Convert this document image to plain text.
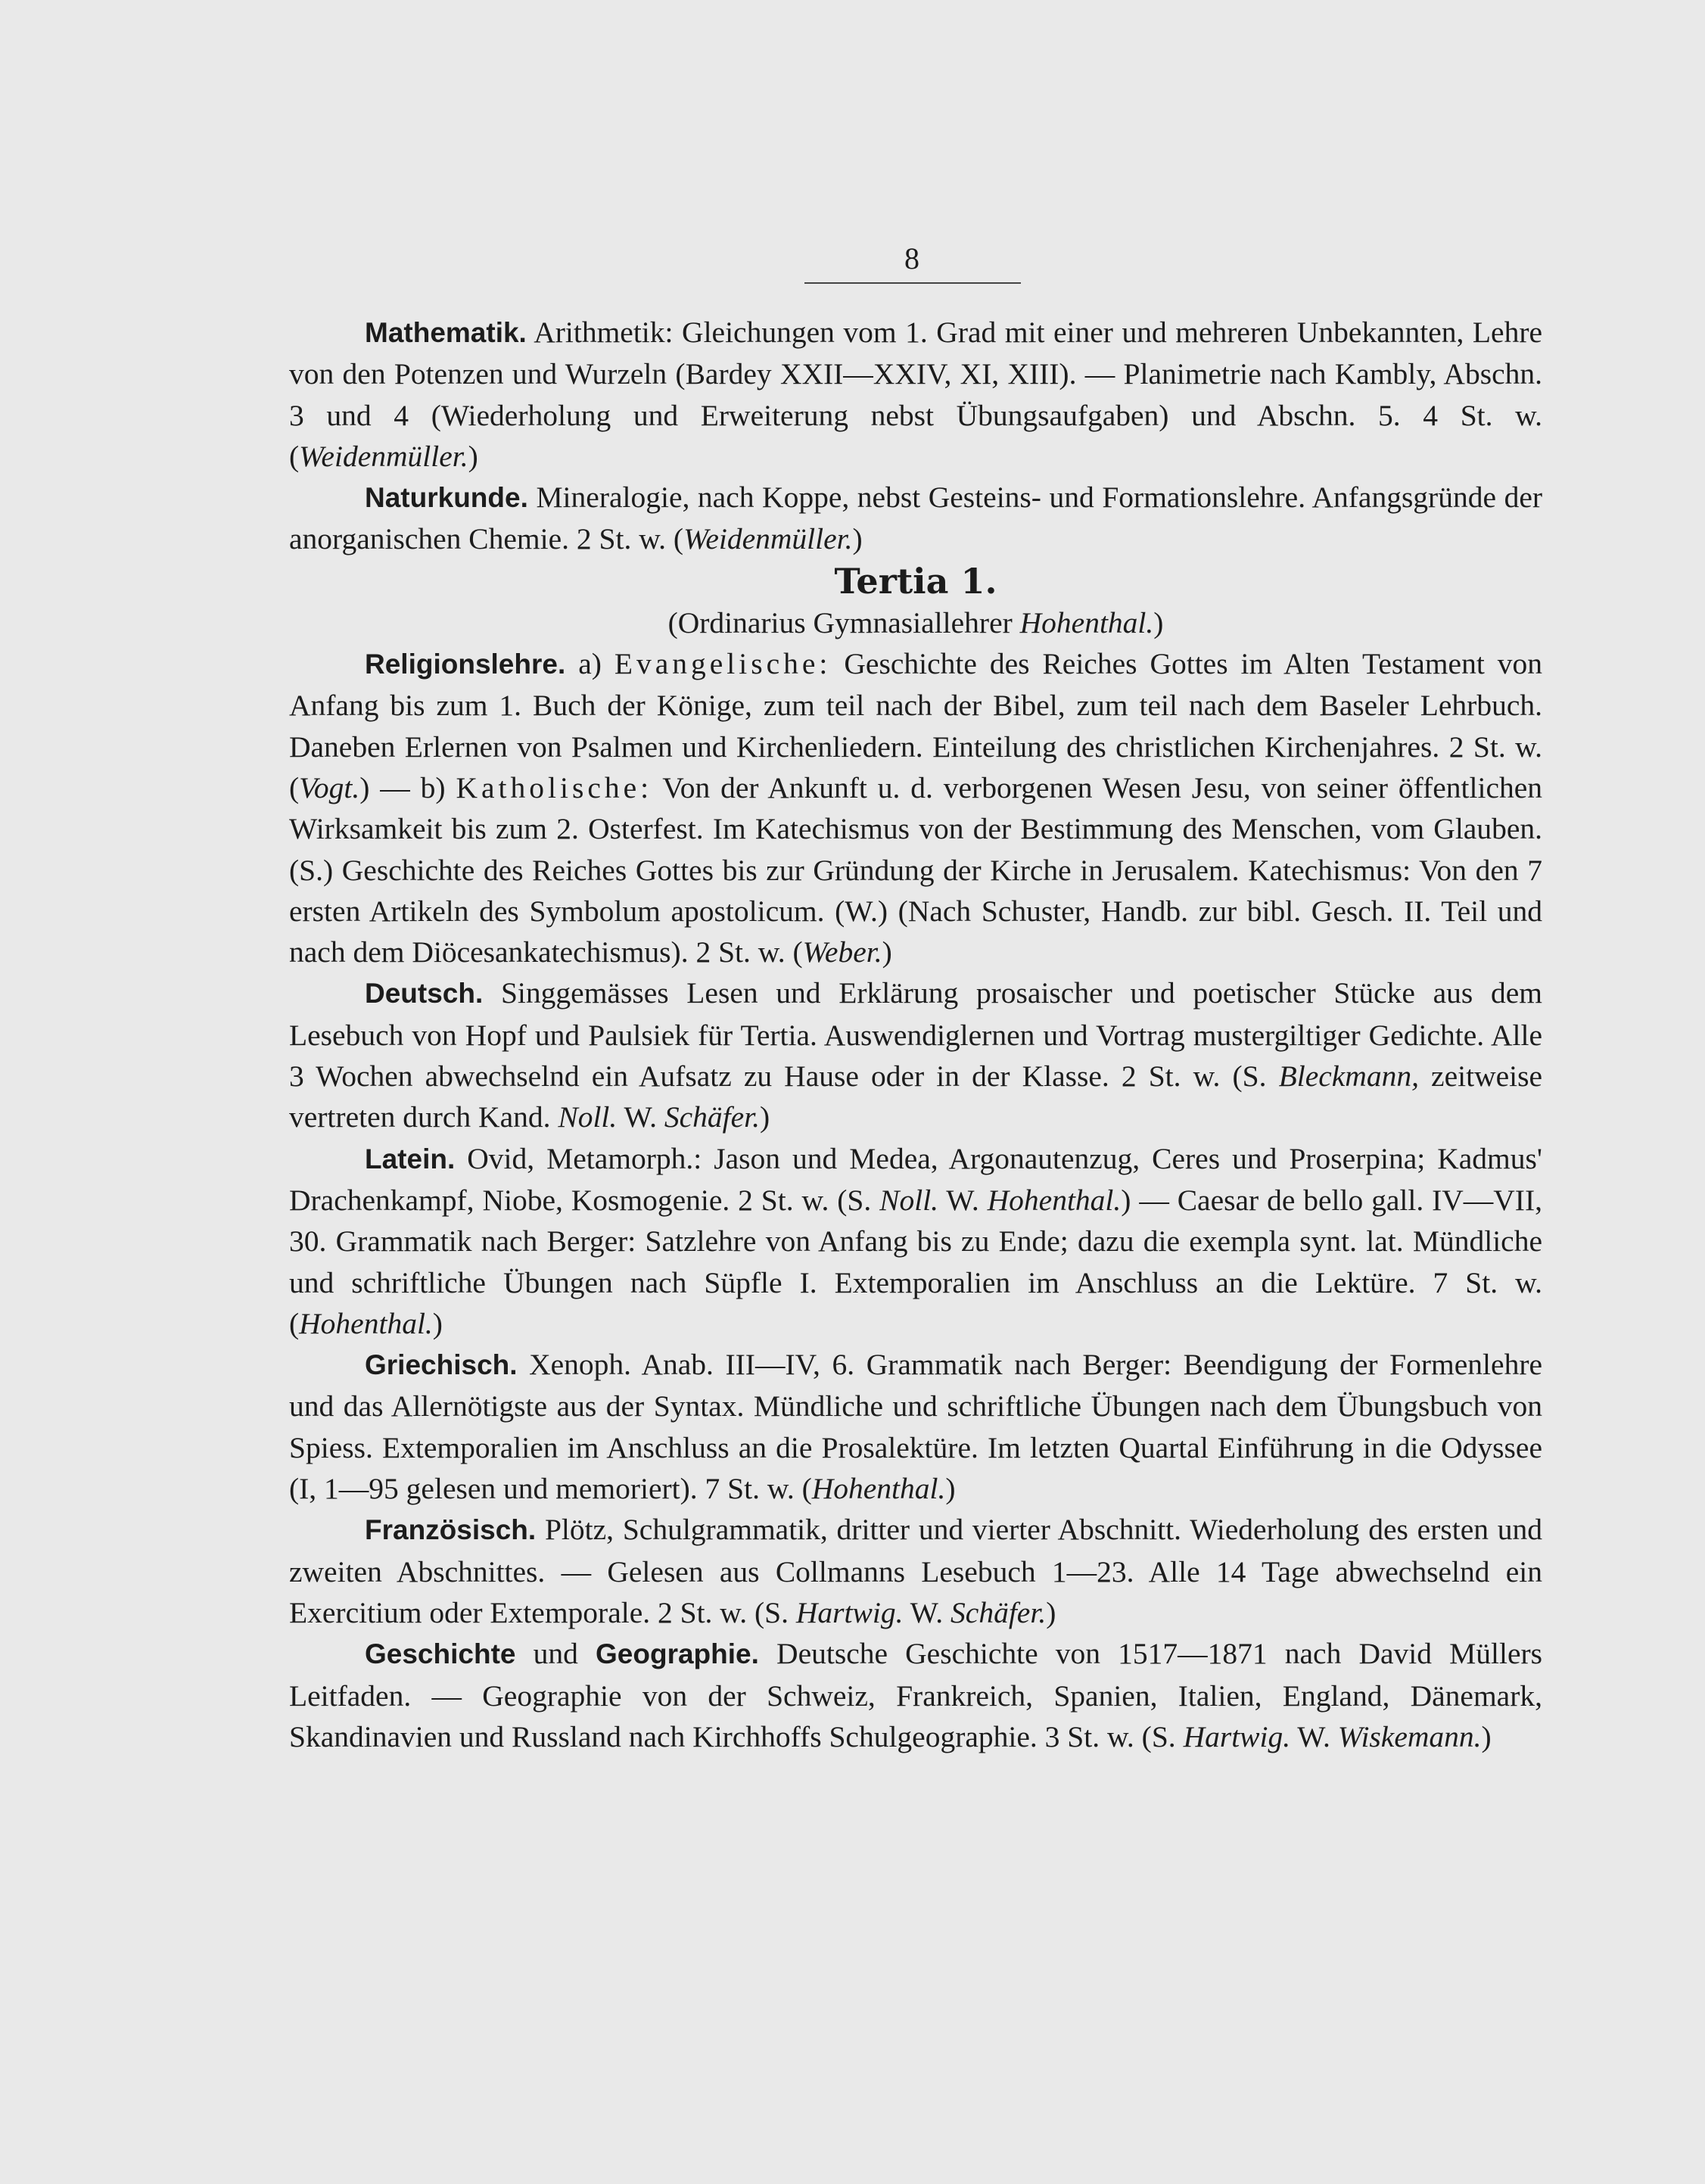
8

Mathematik. Arithmetik: Gleichungen vom 1. Grad mit einer und mehreren Unbekannten, Lehre von den Potenzen und Wurzeln (Bardey XXII—XXIV, XI, XIII). — Planimetrie nach Kambly, Abschn. 3 und 4 (Wiederholung und Erweiterung nebst Übungsaufgaben) und Abschn. 5. 4 St. w. (Weidenmüller.)

Naturkunde. Mineralogie, nach Koppe, nebst Gesteins- und Formationslehre. Anfangsgründe der anorganischen Chemie. 2 St. w. (Weidenmüller.)

Tertia 1.

(Ordinarius Gymnasiallehrer Hohenthal.)

Religionslehre. a) Evangelische: Geschichte des Reiches Gottes im Alten Testament von Anfang bis zum 1. Buch der Könige, zum teil nach der Bibel, zum teil nach dem Baseler Lehrbuch. Daneben Erlernen von Psalmen und Kirchenliedern. Einteilung des christlichen Kirchenjahres. 2 St. w. (Vogt.) — b) Katholische: Von der Ankunft u. d. verborgenen Wesen Jesu, von seiner öffentlichen Wirksamkeit bis zum 2. Osterfest. Im Katechismus von der Bestimmung des Menschen, vom Glauben. (S.) Geschichte des Reiches Gottes bis zur Gründung der Kirche in Jerusalem. Katechismus: Von den 7 ersten Artikeln des Symbolum apostolicum. (W.) (Nach Schuster, Handb. zur bibl. Gesch. II. Teil und nach dem Diöcesankatechismus). 2 St. w. (Weber.)

Deutsch. Singgemässes Lesen und Erklärung prosaischer und poetischer Stücke aus dem Lesebuch von Hopf und Paulsiek für Tertia. Auswendiglernen und Vortrag mustergiltiger Gedichte. Alle 3 Wochen abwechselnd ein Aufsatz zu Hause oder in der Klasse. 2 St. w. (S. Bleckmann, zeitweise vertreten durch Kand. Noll. W. Schäfer.)

Latein. Ovid, Metamorph.: Jason und Medea, Argonautenzug, Ceres und Proserpina; Kadmus' Drachenkampf, Niobe, Kosmogenie. 2 St. w. (S. Noll. W. Hohenthal.) — Caesar de bello gall. IV—VII, 30. Grammatik nach Berger: Satzlehre von Anfang bis zu Ende; dazu die exempla synt. lat. Mündliche und schriftliche Übungen nach Süpfle I. Extemporalien im Anschluss an die Lektüre. 7 St. w. (Hohenthal.)

Griechisch. Xenoph. Anab. III—IV, 6. Grammatik nach Berger: Beendigung der Formenlehre und das Allernötigste aus der Syntax. Mündliche und schriftliche Übungen nach dem Übungsbuch von Spiess. Extemporalien im Anschluss an die Prosalektüre. Im letzten Quartal Einführung in die Odyssee (I, 1—95 gelesen und memoriert). 7 St. w. (Hohenthal.)

Französisch. Plötz, Schulgrammatik, dritter und vierter Abschnitt. Wiederholung des ersten und zweiten Abschnittes. — Gelesen aus Collmanns Lesebuch 1—23. Alle 14 Tage abwechselnd ein Exercitium oder Extemporale. 2 St. w. (S. Hartwig. W. Schäfer.)

Geschichte und Geographie. Deutsche Geschichte von 1517—1871 nach David Müllers Leitfaden. — Geographie von der Schweiz, Frankreich, Spanien, Italien, England, Dänemark, Skandinavien und Russland nach Kirchhoffs Schulgeographie. 3 St. w. (S. Hartwig. W. Wiskemann.)
